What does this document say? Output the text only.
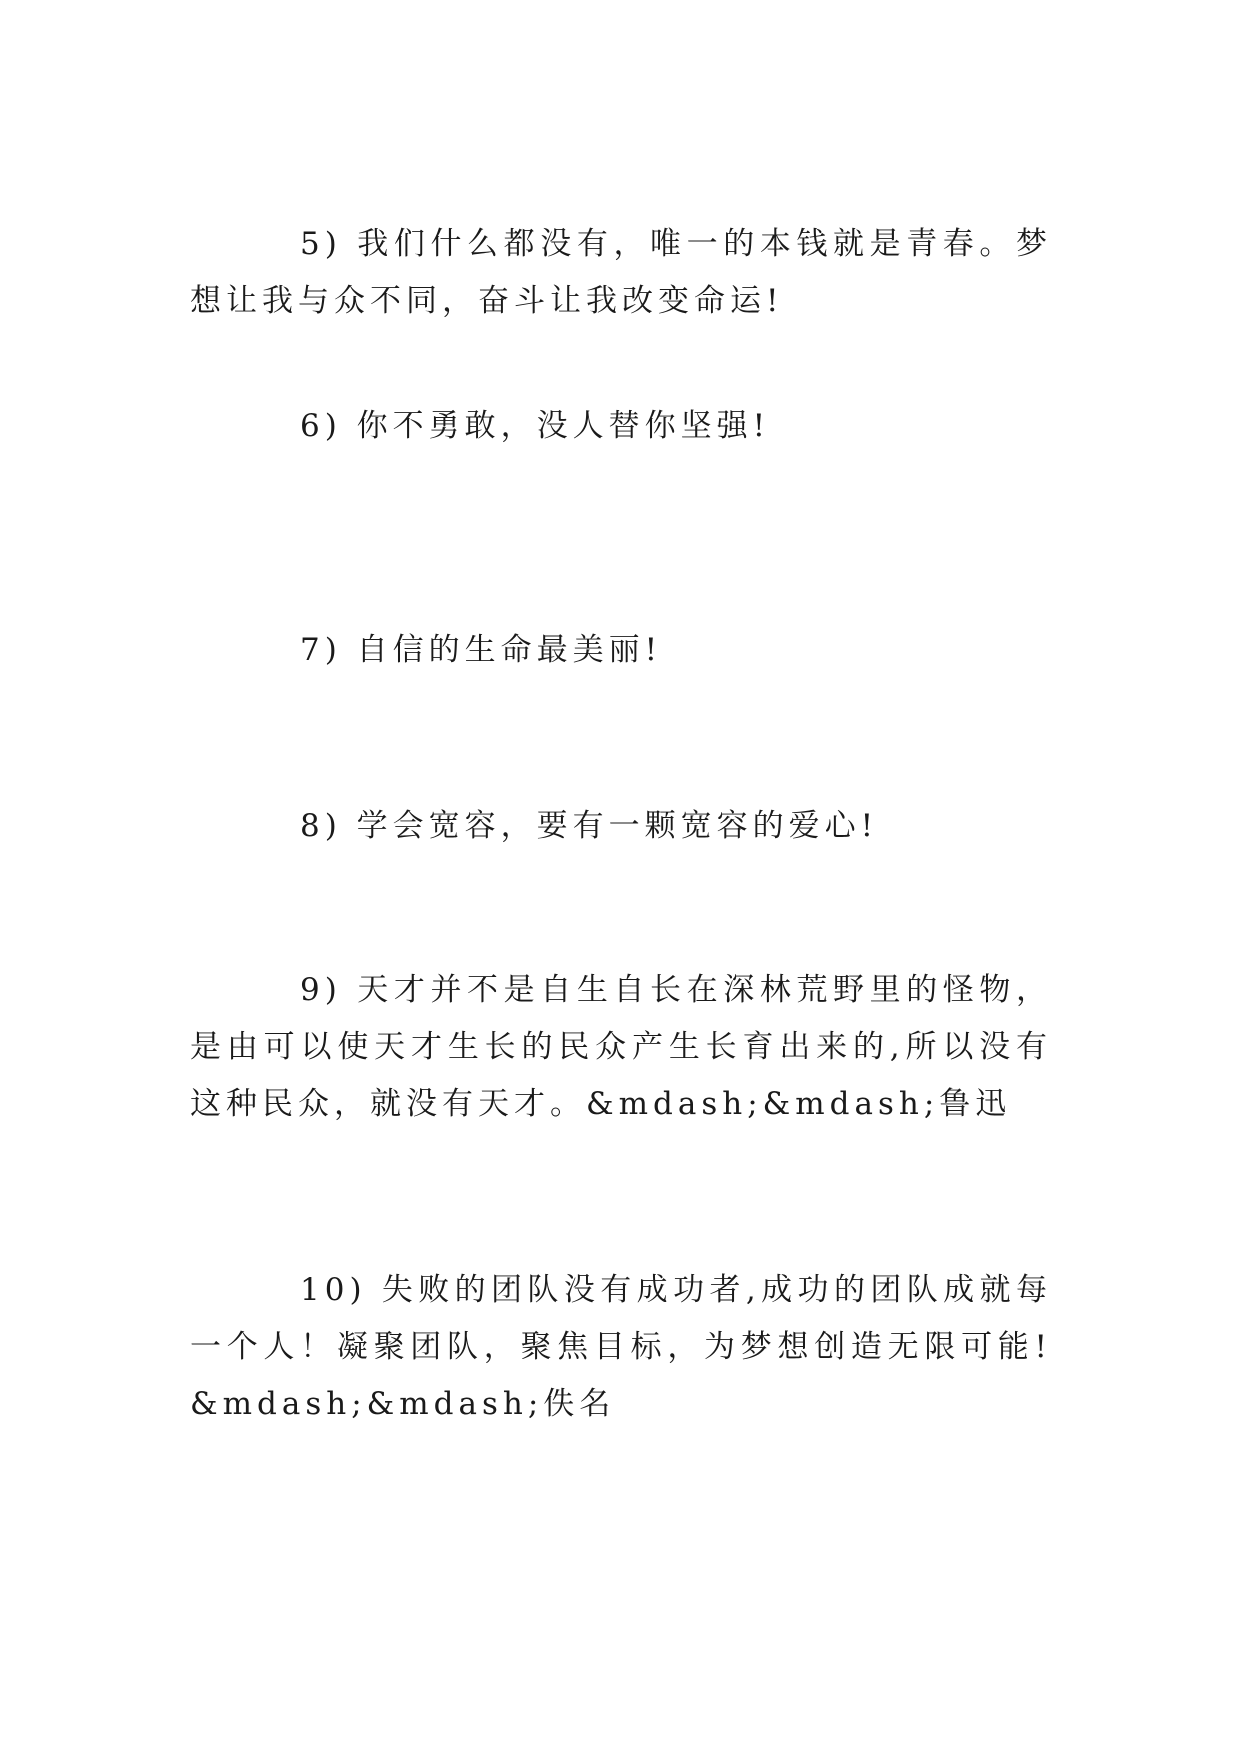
5) 我们什么都没有，唯一的本钱就是青春。梦想让我与众不同，奋斗让我改变命运!

6) 你不勇敢，没人替你坚强!

7) 自信的生命最美丽!

8) 学会宽容，要有一颗宽容的爱心!

9) 天才并不是自生自长在深林荒野里的怪物，是由可以使天才生长的民众产生长育出来的,所以没有这种民众，就没有天才。&mdash;&mdash;鲁迅

10) 失败的团队没有成功者,成功的团队成就每一个人！凝聚团队，聚焦目标，为梦想创造无限可能!&mdash;&mdash;佚名
